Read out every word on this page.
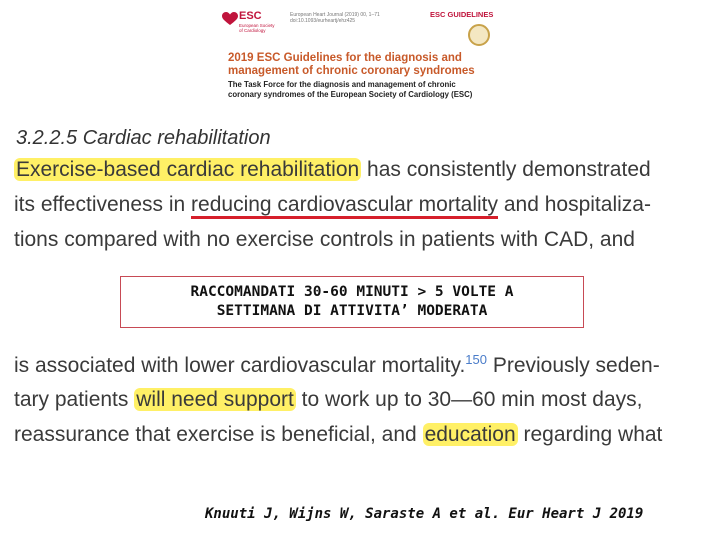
ESC
European Society of Cardiology
European Heart Journal (2019) 00, 1–71 doi:10.1093/eurheartj/ehz425
ESC GUIDELINES
2019 ESC Guidelines for the diagnosis and
management of chronic coronary syndromes
The Task Force for the diagnosis and management of chronic
coronary syndromes of the European Society of Cardiology (ESC)
3.2.2.5 Cardiac rehabilitation
Exercise-based cardiac rehabilitation has consistently demonstrated
its effectiveness in reducing cardiovascular mortality and hospitaliza-
tions compared with no exercise controls in patients with CAD, and
RACCOMANDATI 30-60 MINUTI > 5 VOLTE A
SETTIMANA DI ATTIVITA’ MODERATA
is associated with lower cardiovascular mortality.$^{150}$ Previously seden-
tary patients will need support to work up to 30—60 min most days,
reassurance that exercise is beneficial, and education regarding what
Knuuti J, Wijns W, Saraste A et al. Eur Heart J 2019
